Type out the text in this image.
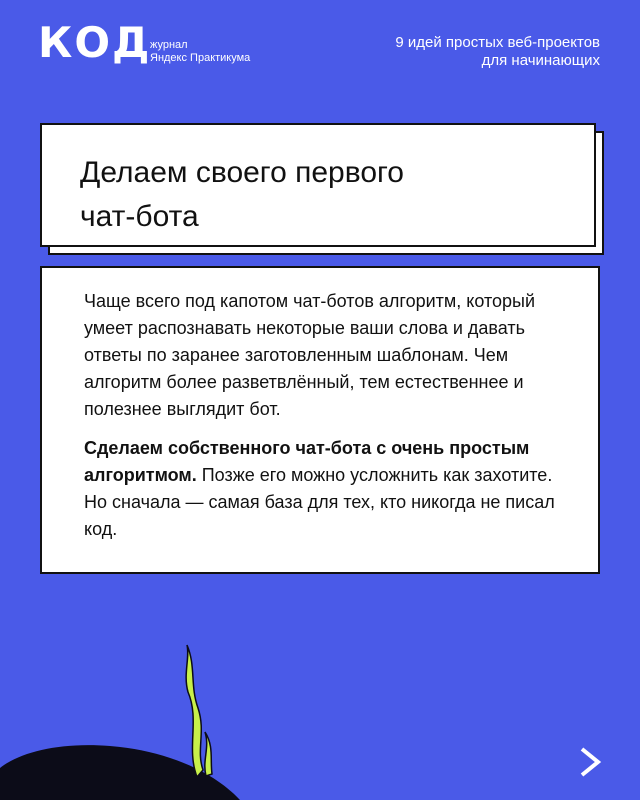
КОД
журнал
Яндекс Практикума
9 идей простых веб-проектов
для начинающих
Делаем своего первого
чат-бота

Чаще всего под капотом чат-ботов алгоритм, который умеет распознавать некоторые ваши слова и давать ответы по заранее заготовленным шаблонам. Чем алгоритм более разветвлённый, тем естественнее и полезнее выглядит бот.

Сделаем собственного чат-бота с очень простым алгоритмом. Позже его можно усложнить как захотите. Но сначала — самая база для тех, кто никогда не писал код.
